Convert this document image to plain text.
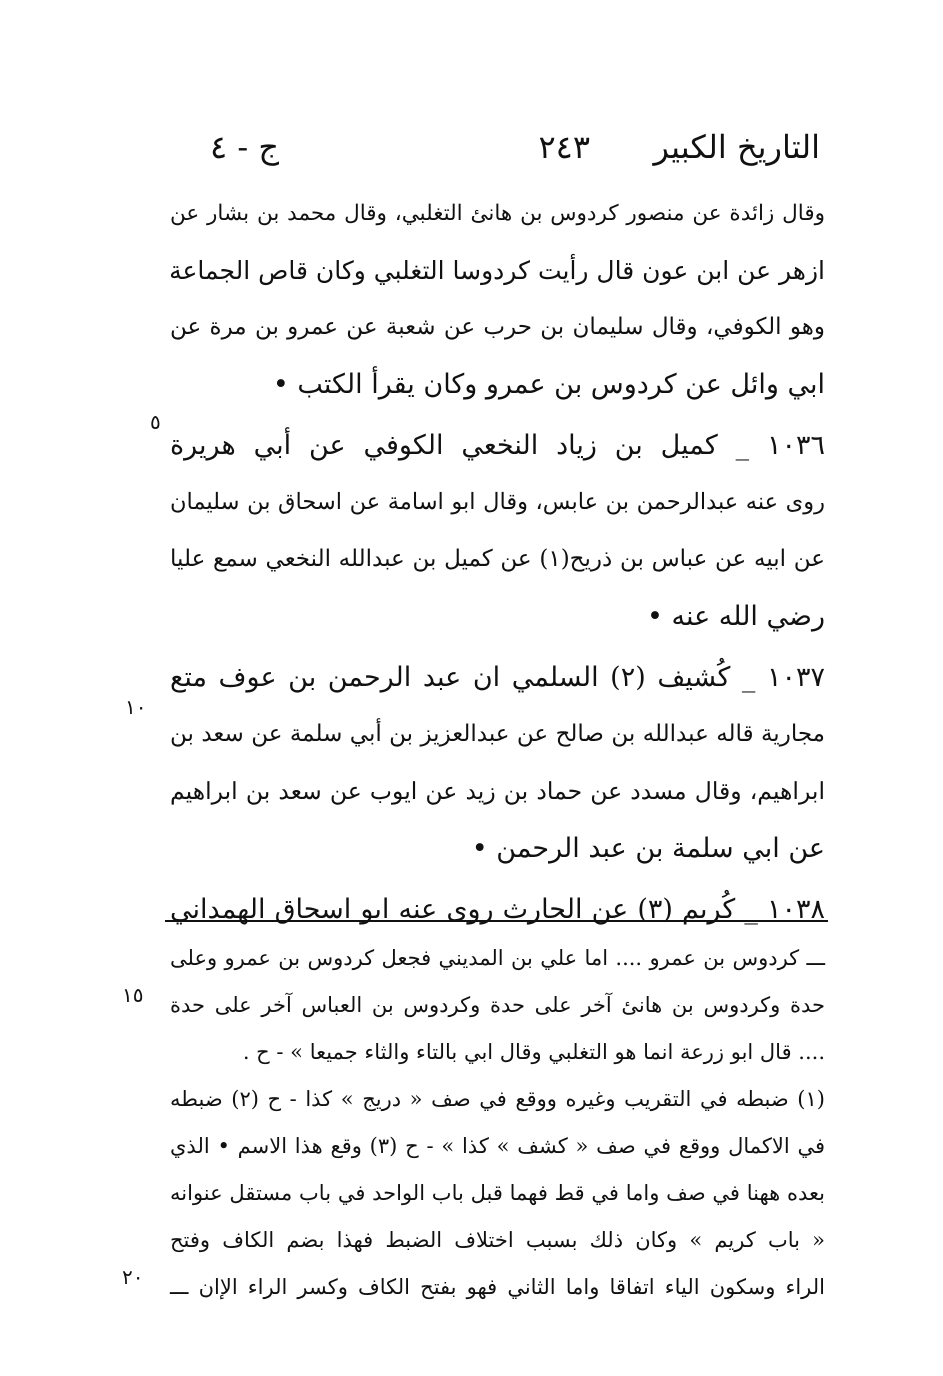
التاريخ الكبير
٢٤٣
ج - ٤
وقال زائدة عن منصور كردوس بن هانئ التغلبي، وقال محمد بن بشار عن
ازهر عن ابن عون قال رأيت كردوسا التغلبي وكان قاص الجماعة
وهو الكوفي، وقال سليمان بن حرب عن شعبة عن عمرو بن مرة عن
ابي وائل عن كردوس بن عمرو وكان يقرأ الكتب •
١٠٣٦ _ كميل بن زياد النخعي الكوفي عن أبي هريرة
روى عنه عبدالرحمن بن عابس، وقال ابو اسامة عن اسحاق بن سليمان
عن ابيه عن عباس بن ذريح(١) عن كميل بن عبدالله النخعي سمع عليا
رضي الله عنه •
١٠٣٧ _ كُشيف (٢) السلمي ان عبد الرحمن بن عوف متع
مجارية قاله عبدالله بن صالح عن عبدالعزيز بن أبي سلمة عن سعد بن
ابراهيم، وقال مسدد عن حماد بن زيد عن ايوب عن سعد بن ابراهيم
عن ابي سلمة بن عبد الرحمن •
١٠٣٨ _ كُريم (٣) عن الحارث روى عنه ابو اسحاق الهمداني
ـــ كردوس بن عمرو .... اما علي بن المديني فجعل كردوس بن عمرو وعلى
حدة وكردوس بن هانئ آخر على حدة وكردوس بن العباس آخر على حدة
.... قال ابو زرعة انما هو التغلبي وقال ابي بالتاء والثاء جميعا » - ح .
(١) ضبطه في التقريب وغيره ووقع في صف « دريج » كذا - ح (٢) ضبطه
في الاكمال ووقع في صف « كشف » كذا » - ح (٣) وقع هذا الاسم • الذي
بعده ههنا في صف واما في قط فهما قبل باب الواحد في باب مستقل عنوانه
« باب كريم » وكان ذلك بسبب اختلاف الضبط فهذا بضم الكاف وفتح
الراء وسكون الياء اتفاقا واما الثاني فهو بفتح الكاف وكسر الراء الإان ـــ
٥
١٠
١٥
٢٠
